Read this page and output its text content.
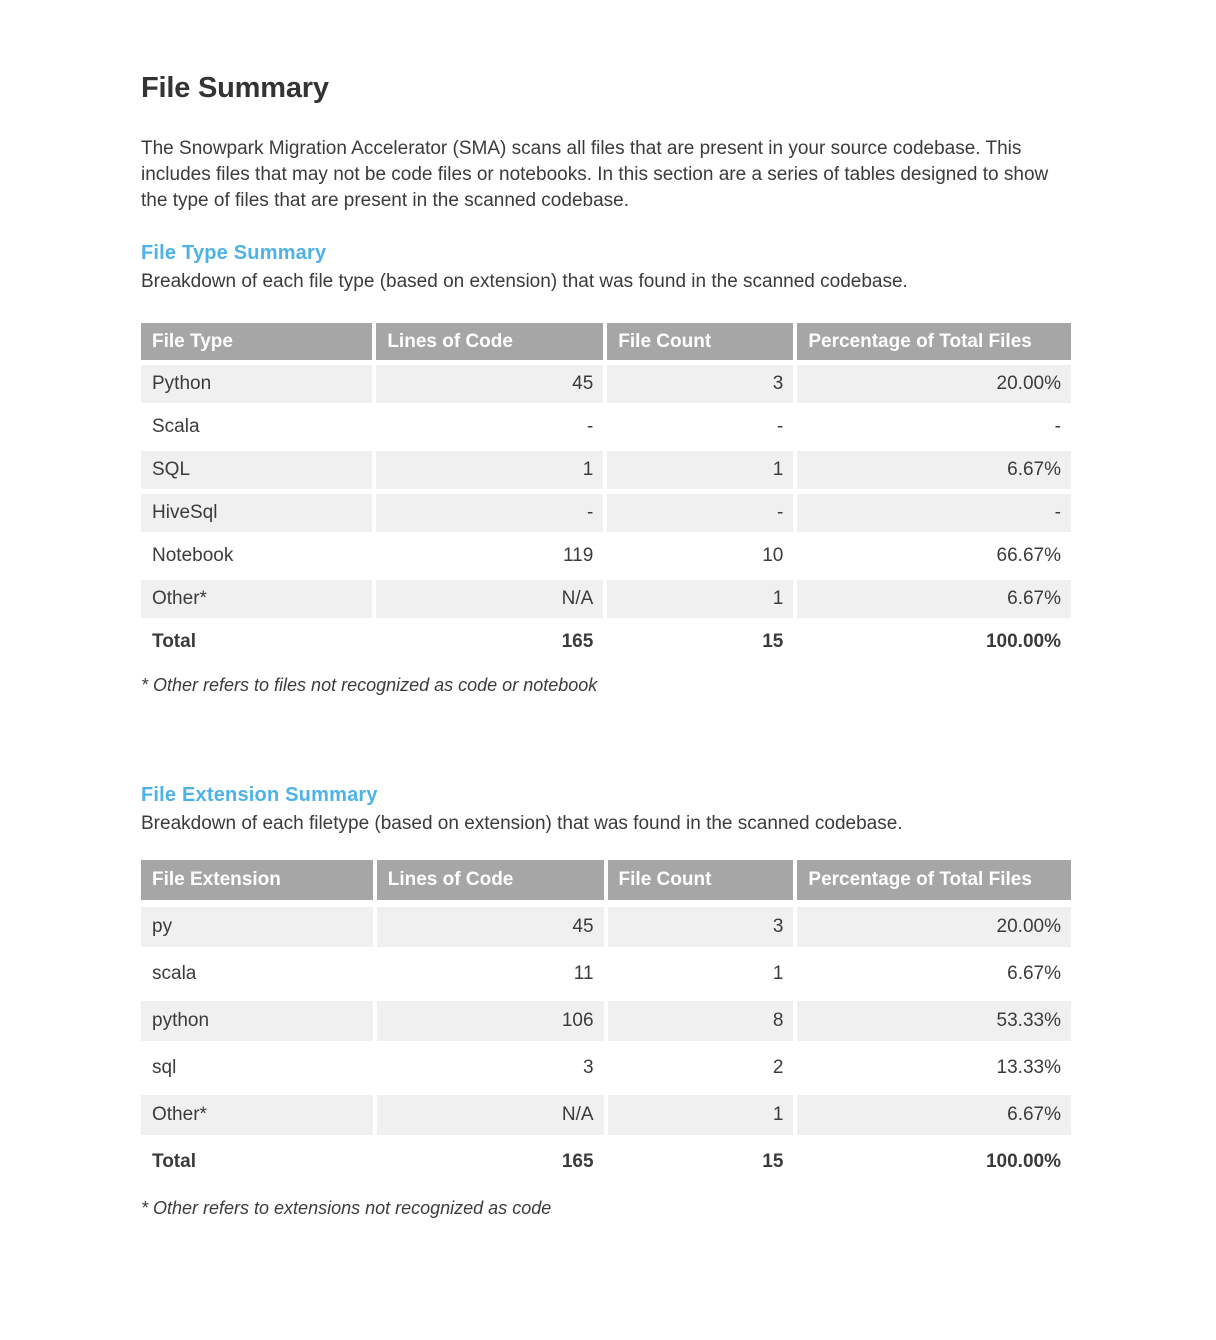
File Summary

The Snowpark Migration Accelerator (SMA) scans all files that are present in your source codebase. This includes files that may not be code files or notebooks. In this section are a series of tables designed to show the type of files that are present in the scanned codebase.

File Type Summary

Breakdown of each file type (based on extension) that was found in the scanned codebase.

File Type	Lines of Code	File Count	Percentage of Total Files
Python	45	3	20.00%
Scala	-	-	-
SQL	1	1	6.67%
HiveSql	-	-	-
Notebook	119	10	66.67%
Other*	N/A	1	6.67%
Total	165	15	100.00%

* Other refers to files not recognized as code or notebook

File Extension Summary

Breakdown of each filetype (based on extension) that was found in the scanned codebase.

File Extension	Lines of Code	File Count	Percentage of Total Files
py	45	3	20.00%
scala	11	1	6.67%
python	106	8	53.33%
sql	3	2	13.33%
Other*	N/A	1	6.67%
Total	165	15	100.00%

* Other refers to extensions not recognized as code
